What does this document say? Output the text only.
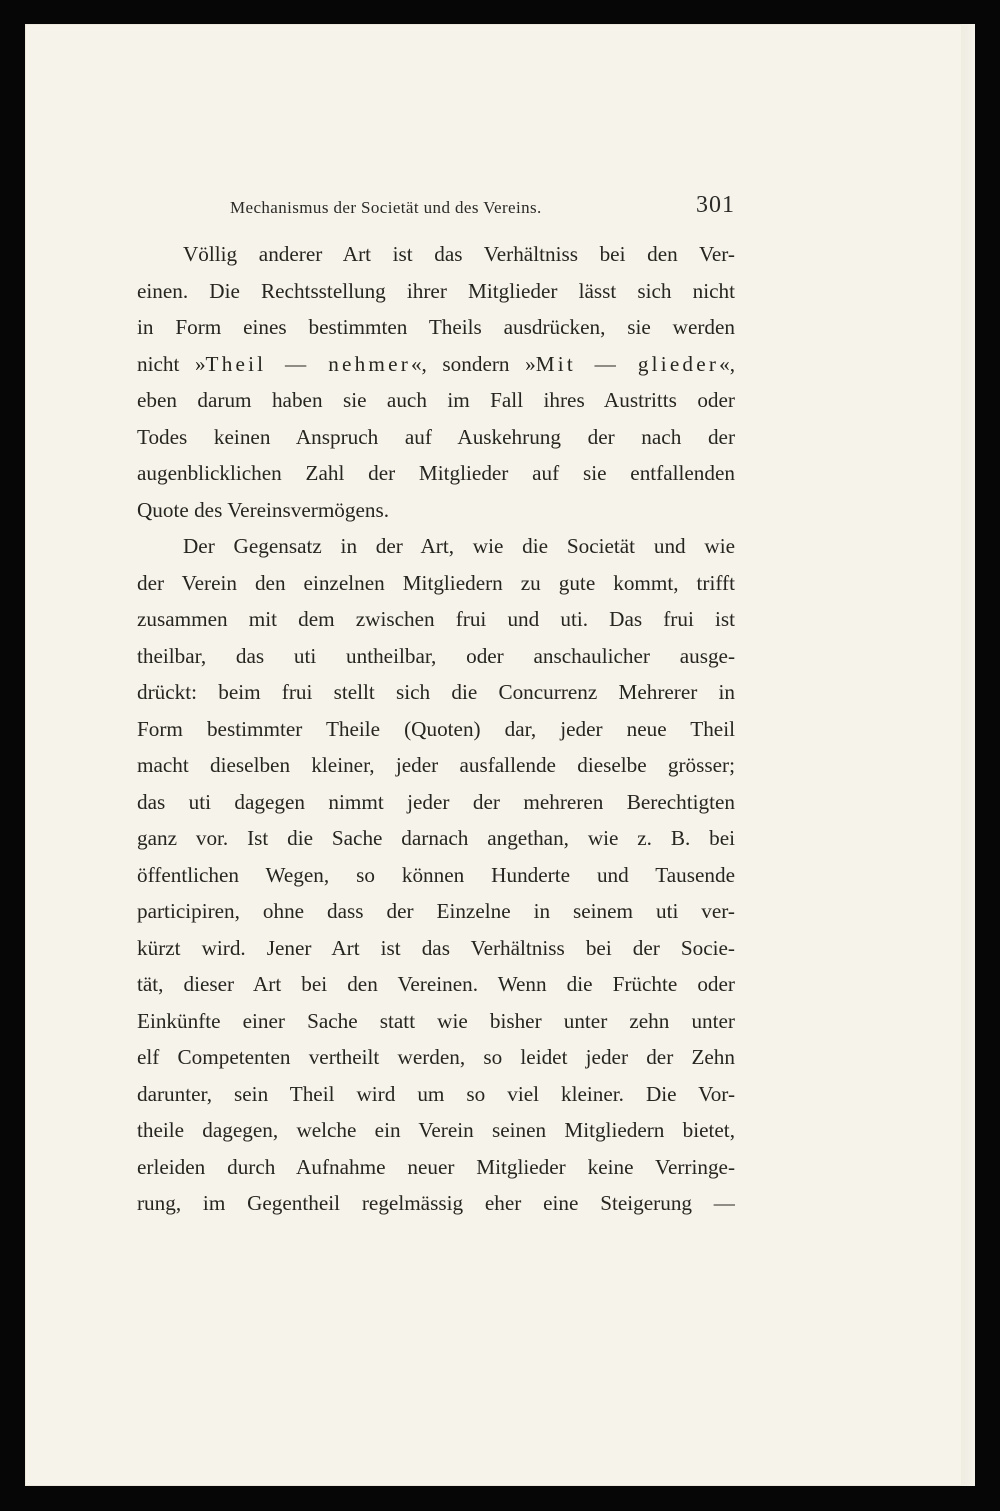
Mechanismus der Societät und des Vereins.	301
Völlig anderer Art ist das Verhältniss bei den Ver-
einen. Die Rechtsstellung ihrer Mitglieder lässt sich nicht
in Form eines bestimmten Theils ausdrücken, sie werden
nicht »Theil — nehmer«, sondern »Mit — glieder«,
eben darum haben sie auch im Fall ihres Austritts oder
Todes keinen Anspruch auf Auskehrung der nach der
augenblicklichen Zahl der Mitglieder auf sie entfallenden
Quote des Vereinsvermögens.
Der Gegensatz in der Art, wie die Societät und wie
der Verein den einzelnen Mitgliedern zu gute kommt, trifft
zusammen mit dem zwischen frui und uti. Das frui ist
theilbar, das uti untheilbar, oder anschaulicher ausge-
drückt: beim frui stellt sich die Concurrenz Mehrerer in
Form bestimmter Theile (Quoten) dar, jeder neue Theil
macht dieselben kleiner, jeder ausfallende dieselbe grösser;
das uti dagegen nimmt jeder der mehreren Berechtigten
ganz vor. Ist die Sache darnach angethan, wie z. B. bei
öffentlichen Wegen, so können Hunderte und Tausende
participiren, ohne dass der Einzelne in seinem uti ver-
kürzt wird. Jener Art ist das Verhältniss bei der Socie-
tät, dieser Art bei den Vereinen. Wenn die Früchte oder
Einkünfte einer Sache statt wie bisher unter zehn unter
elf Competenten vertheilt werden, so leidet jeder der Zehn
darunter, sein Theil wird um so viel kleiner. Die Vor-
theile dagegen, welche ein Verein seinen Mitgliedern bietet,
erleiden durch Aufnahme neuer Mitglieder keine Verringe-
rung, im Gegentheil regelmässig eher eine Steigerung —
